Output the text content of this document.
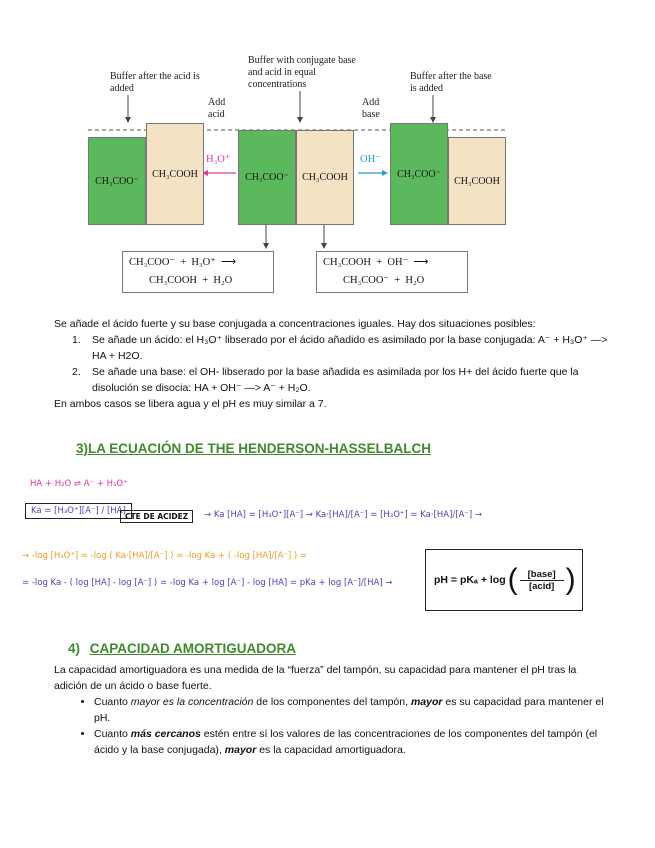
Buffer after the acid is added
Buffer with conjugate base and acid in equal concentrations
Buffer after the base is added
Add acid
Add base
CH₃COO⁻
CH₃COOH
H₃O⁺
CH₃COO⁻	CH₃COOH
OH⁻
CH₃COO⁻
CH₃COOH
CH₃COO⁻  +  H₃O⁺  ⟶
CH₃COOH  +  H₂O
CH₃COOH  +  OH⁻  ⟶
CH₃COO⁻  +  H₂O
Se añade el ácido fuerte y su base conjugada a concentraciones iguales. Hay dos situaciones posibles:
1.	Se añade un ácido: el H₃O⁺ libserado por el ácido añadido es asimilado por la base conjugada: A⁻ + H₃O⁺ —> HA + H2O.
2.	Se añade una base: el OH- libserado por la base añadida es asimilada por los H+ del ácido fuerte que la disolución se disocia: HA + OH⁻ —> A⁻ + H₂O.
En ambos casos se libera agua y el pH es muy similar a 7.
3)LA ECUACIÓN DE THE HENDERSON-HASSELBALCH
HA + H₂O ⇌ A⁻ + H₃O⁺
Ka = [H₃O⁺][A⁻] / [HA]
CTE DE ACIDEZ	→ Ka [HA] = [H₃O⁺][A⁻] → Ka·[HA]/[A⁻] = [H₃O⁺] = Ka·[HA]/[A⁻] →
→ -log [H₃O⁺] = -log ( Ka·[HA]/[A⁻] ) = -log Ka + ( -log [HA]/[A⁻] ) =
= -log Ka - ( log [HA] - log [A⁻] ) = -log Ka + log [A⁻] - log [HA] = pKa + log [A⁻]/[HA] →	pH = pKₐ + log ( [base]
[acid] )
4) CAPACIDAD AMORTIGUADORA
La capacidad amortiguadora es una medida de la “fuerza” del tampón, su capacidad para mantener el pH tras la adición de un ácido o base fuerte.
• Cuanto mayor es la concentración de los componentes del tampón, mayor es su capacidad para mantener el pH.
• Cuanto más cercanos estén entre sí los valores de las concentraciones de los componentes del tampón (el ácido y la base conjugada), mayor es la capacidad amortiguadora.
